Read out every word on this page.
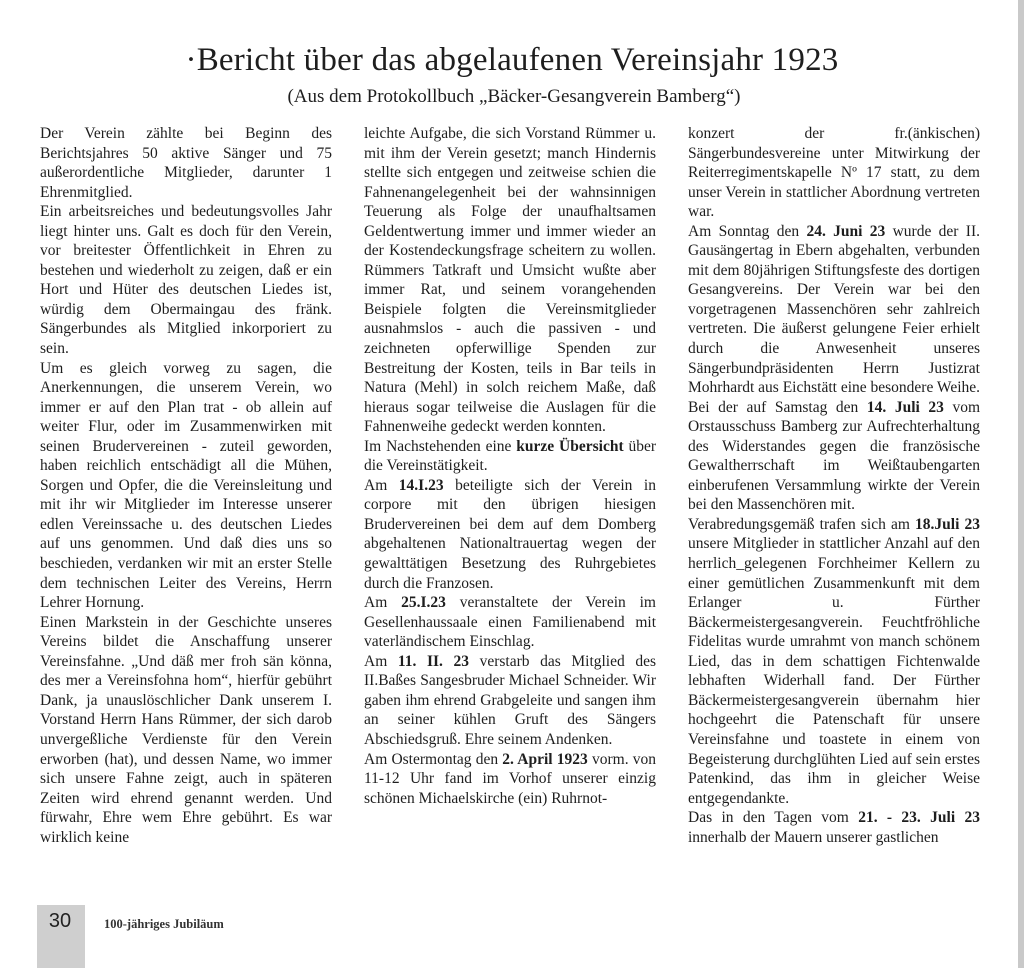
·Bericht über das abgelaufenen Vereinsjahr 1923
(Aus dem Protokollbuch „Bäcker-Gesangverein Bamberg“)

Der Verein zählte bei Beginn des Berichtsjahres 50 aktive Sänger und 75 außerordentliche Mitglieder, darunter 1 Ehrenmitglied.

Ein arbeitsreiches und bedeutungsvolles Jahr liegt hinter uns. Galt es doch für den Verein, vor breitester Öffentlichkeit in Ehren zu bestehen und wiederholt zu zeigen, daß er ein Hort und Hüter des deutschen Liedes ist, würdig dem Obermaingau des fränk. Sängerbundes als Mitglied inkorporiert zu sein.

Um es gleich vorweg zu sagen, die Anerkennungen, die unserem Verein, wo immer er auf den Plan trat - ob allein auf weiter Flur, oder im Zusammenwirken mit seinen Brudervereinen - zuteil geworden, haben reichlich entschädigt all die Mühen, Sorgen und Opfer, die die Vereinsleitung und mit ihr wir Mitglieder im Interesse unserer edlen Vereinssache u. des deutschen Liedes auf uns genommen. Und daß dies uns so beschieden, verdanken wir mit an erster Stelle dem technischen Leiter des Vereins, Herrn Lehrer Hornung.

Einen Markstein in der Geschichte unseres Vereins bildet die Anschaffung unserer Vereinsfahne. „Und däß mer froh sän könna, des mer a Vereinsfohna hom“, hierfür gebührt Dank, ja unauslöschlicher Dank unserem I. Vorstand Herrn Hans Rümmer, der sich darob unvergeßliche Verdienste für den Verein erworben (hat), und dessen Name, wo immer sich unsere Fahne zeigt, auch in späteren Zeiten wird ehrend genannt werden. Und fürwahr, Ehre wem Ehre gebührt. Es war wirklich keine

leichte Aufgabe, die sich Vorstand Rümmer u. mit ihm der Verein gesetzt; manch Hindernis stellte sich entgegen und zeitweise schien die Fahnenangelegenheit bei der wahnsinnigen Teuerung als Folge der unaufhaltsamen Geldentwertung immer und immer wieder an der Kostendeckungsfrage scheitern zu wollen. Rümmers Tatkraft und Umsicht wußte aber immer Rat, und seinem vorangehenden Beispiele folgten die Vereinsmitglieder ausnahmslos - auch die passiven - und zeichneten opferwillige Spenden zur Bestreitung der Kosten, teils in Bar teils in Natura (Mehl) in solch reichem Maße, daß hieraus sogar teilweise die Auslagen für die Fahnenweihe gedeckt werden konnten.

Im Nachstehenden eine kurze Übersicht über die Vereinstätigkeit.

Am 14.I.23 beteiligte sich der Verein in corpore mit den übrigen hiesigen Brudervereinen bei dem auf dem Domberg abgehaltenen Nationaltrauertag wegen der gewalttätigen Besetzung des Ruhrgebietes durch die Franzosen.

Am 25.I.23 veranstaltete der Verein im Gesellenhaussaale einen Familienabend mit vaterländischem Einschlag.

Am 11. II. 23 verstarb das Mitglied des II.Baßes Sangesbruder Michael Schneider. Wir gaben ihm ehrend Grabgeleite und sangen ihm an seiner kühlen Gruft des Sängers Abschiedsgruß. Ehre seinem Andenken.

Am Ostermontag den 2. April 1923 vorm. von 11-12 Uhr fand im Vorhof unserer einzig schönen Michaelskirche (ein) Ruhrnot-

konzert der fr.(änkischen) Sängerbundesvereine unter Mitwirkung der Reiterregimentskapelle Nº 17 statt, zu dem unser Verein in stattlicher Abordnung vertreten war.

Am Sonntag den 24. Juni 23 wurde der II. Gausängertag in Ebern abgehalten, verbunden mit dem 80jährigen Stiftungsfeste des dortigen Gesangvereins. Der Verein war bei den vorgetragenen Massenchören sehr zahlreich vertreten. Die äußerst gelungene Feier erhielt durch die Anwesenheit unseres Sängerbundpräsidenten Herrn Justizrat Mohrhardt aus Eichstätt eine besondere Weihe.

Bei der auf Samstag den 14. Juli 23 vom Orstausschuss Bamberg zur Aufrechterhaltung des Widerstandes gegen die französische Gewaltherrschaft im Weißtaubengarten einberufenen Versammlung wirkte der Verein bei den Massenchören mit.

Verabredungsgemäß trafen sich am 18.Juli 23 unsere Mitglieder in stattlicher Anzahl auf den herrlich_gelegenen Forchheimer Kellern zu einer gemütlichen Zusammenkunft mit dem Erlanger u. Fürther Bäckermeistergesangverein. Feuchtfröhliche Fidelitas wurde umrahmt von manch schönem Lied, das in dem schattigen Fichtenwalde lebhaften Widerhall fand. Der Fürther Bäckermeistergesangverein übernahm hier hochgeehrt die Patenschaft für unsere Vereinsfahne und toastete in einem von Begeisterung durchglühten Lied auf sein erstes Patenkind, das ihm in gleicher Weise entgegendankte.

Das in den Tagen vom 21. - 23. Juli 23 innerhalb der Mauern unserer gastlichen

30	100-jähriges Jubiläum
